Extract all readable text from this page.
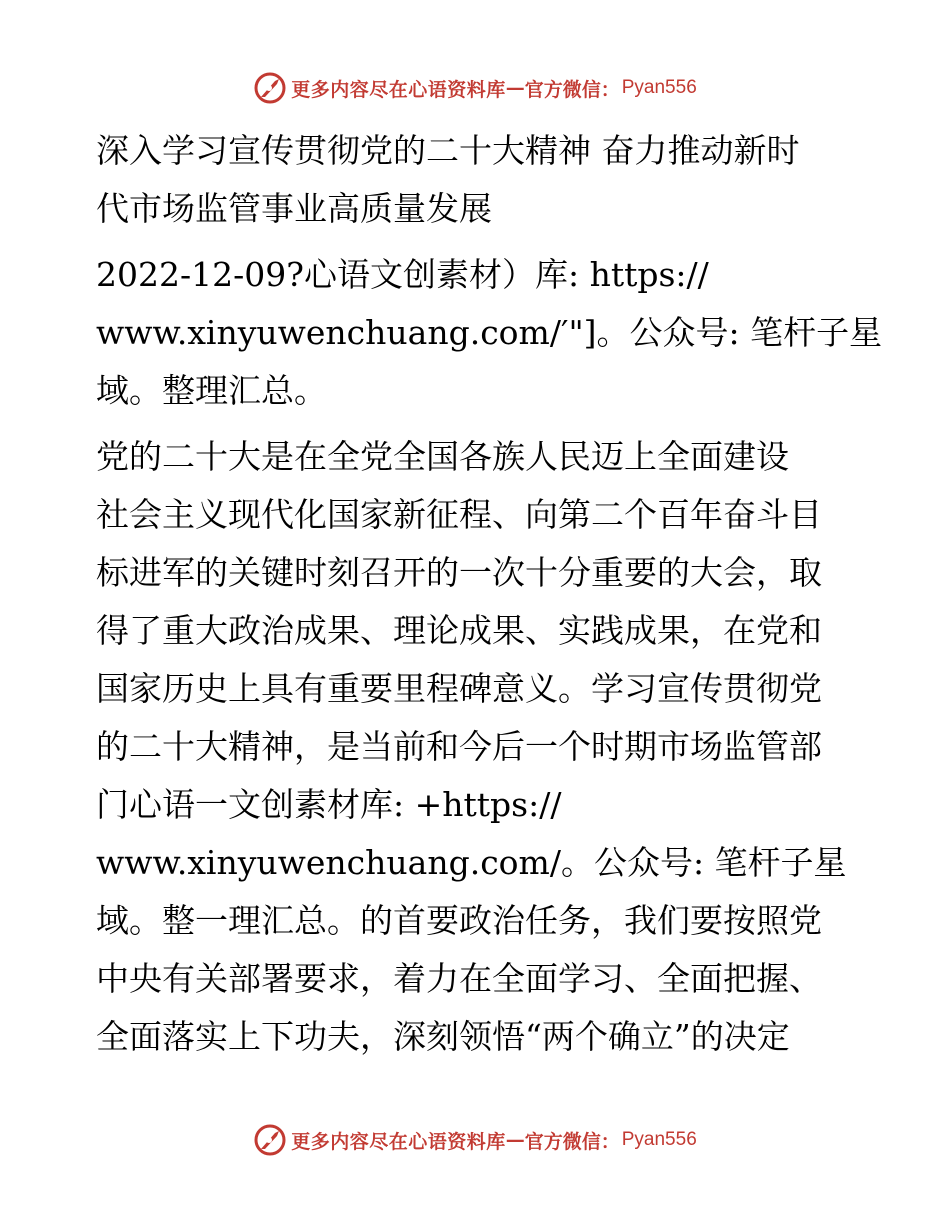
更多内容尽在心语资料库 — 官方微信： Pyan556
深入学习宣传贯彻党的二十大精神 奋力推动新时
代市场监管事业高质量发展
2022-12-09?心语文创素材）库: https://
www.xinyuwenchuang.com/′"]。公众号: 笔杆子星
域。整理汇总。
党的二十大是在全党全国各族人民迈上全面建设
社会主义现代化国家新征程、向第二个百年奋斗目
标进军的关键时刻召开的一次十分重要的大会，取
得了重大政治成果、理论成果、实践成果，在党和
国家历史上具有重要里程碑意义。学习宣传贯彻党
的二十大精神，是当前和今后一个时期市场监管部
门心语一文创素材库: +https://
www.xinyuwenchuang.com/。公众号: 笔杆子星
域。整一理汇总。的首要政治任务，我们要按照党
中央有关部署要求，着力在全面学习、全面把握、
全面落实上下功夫，深刻领悟“两个确立”的决定
更多内容尽在心语资料库 — 官方微信： Pyan556
